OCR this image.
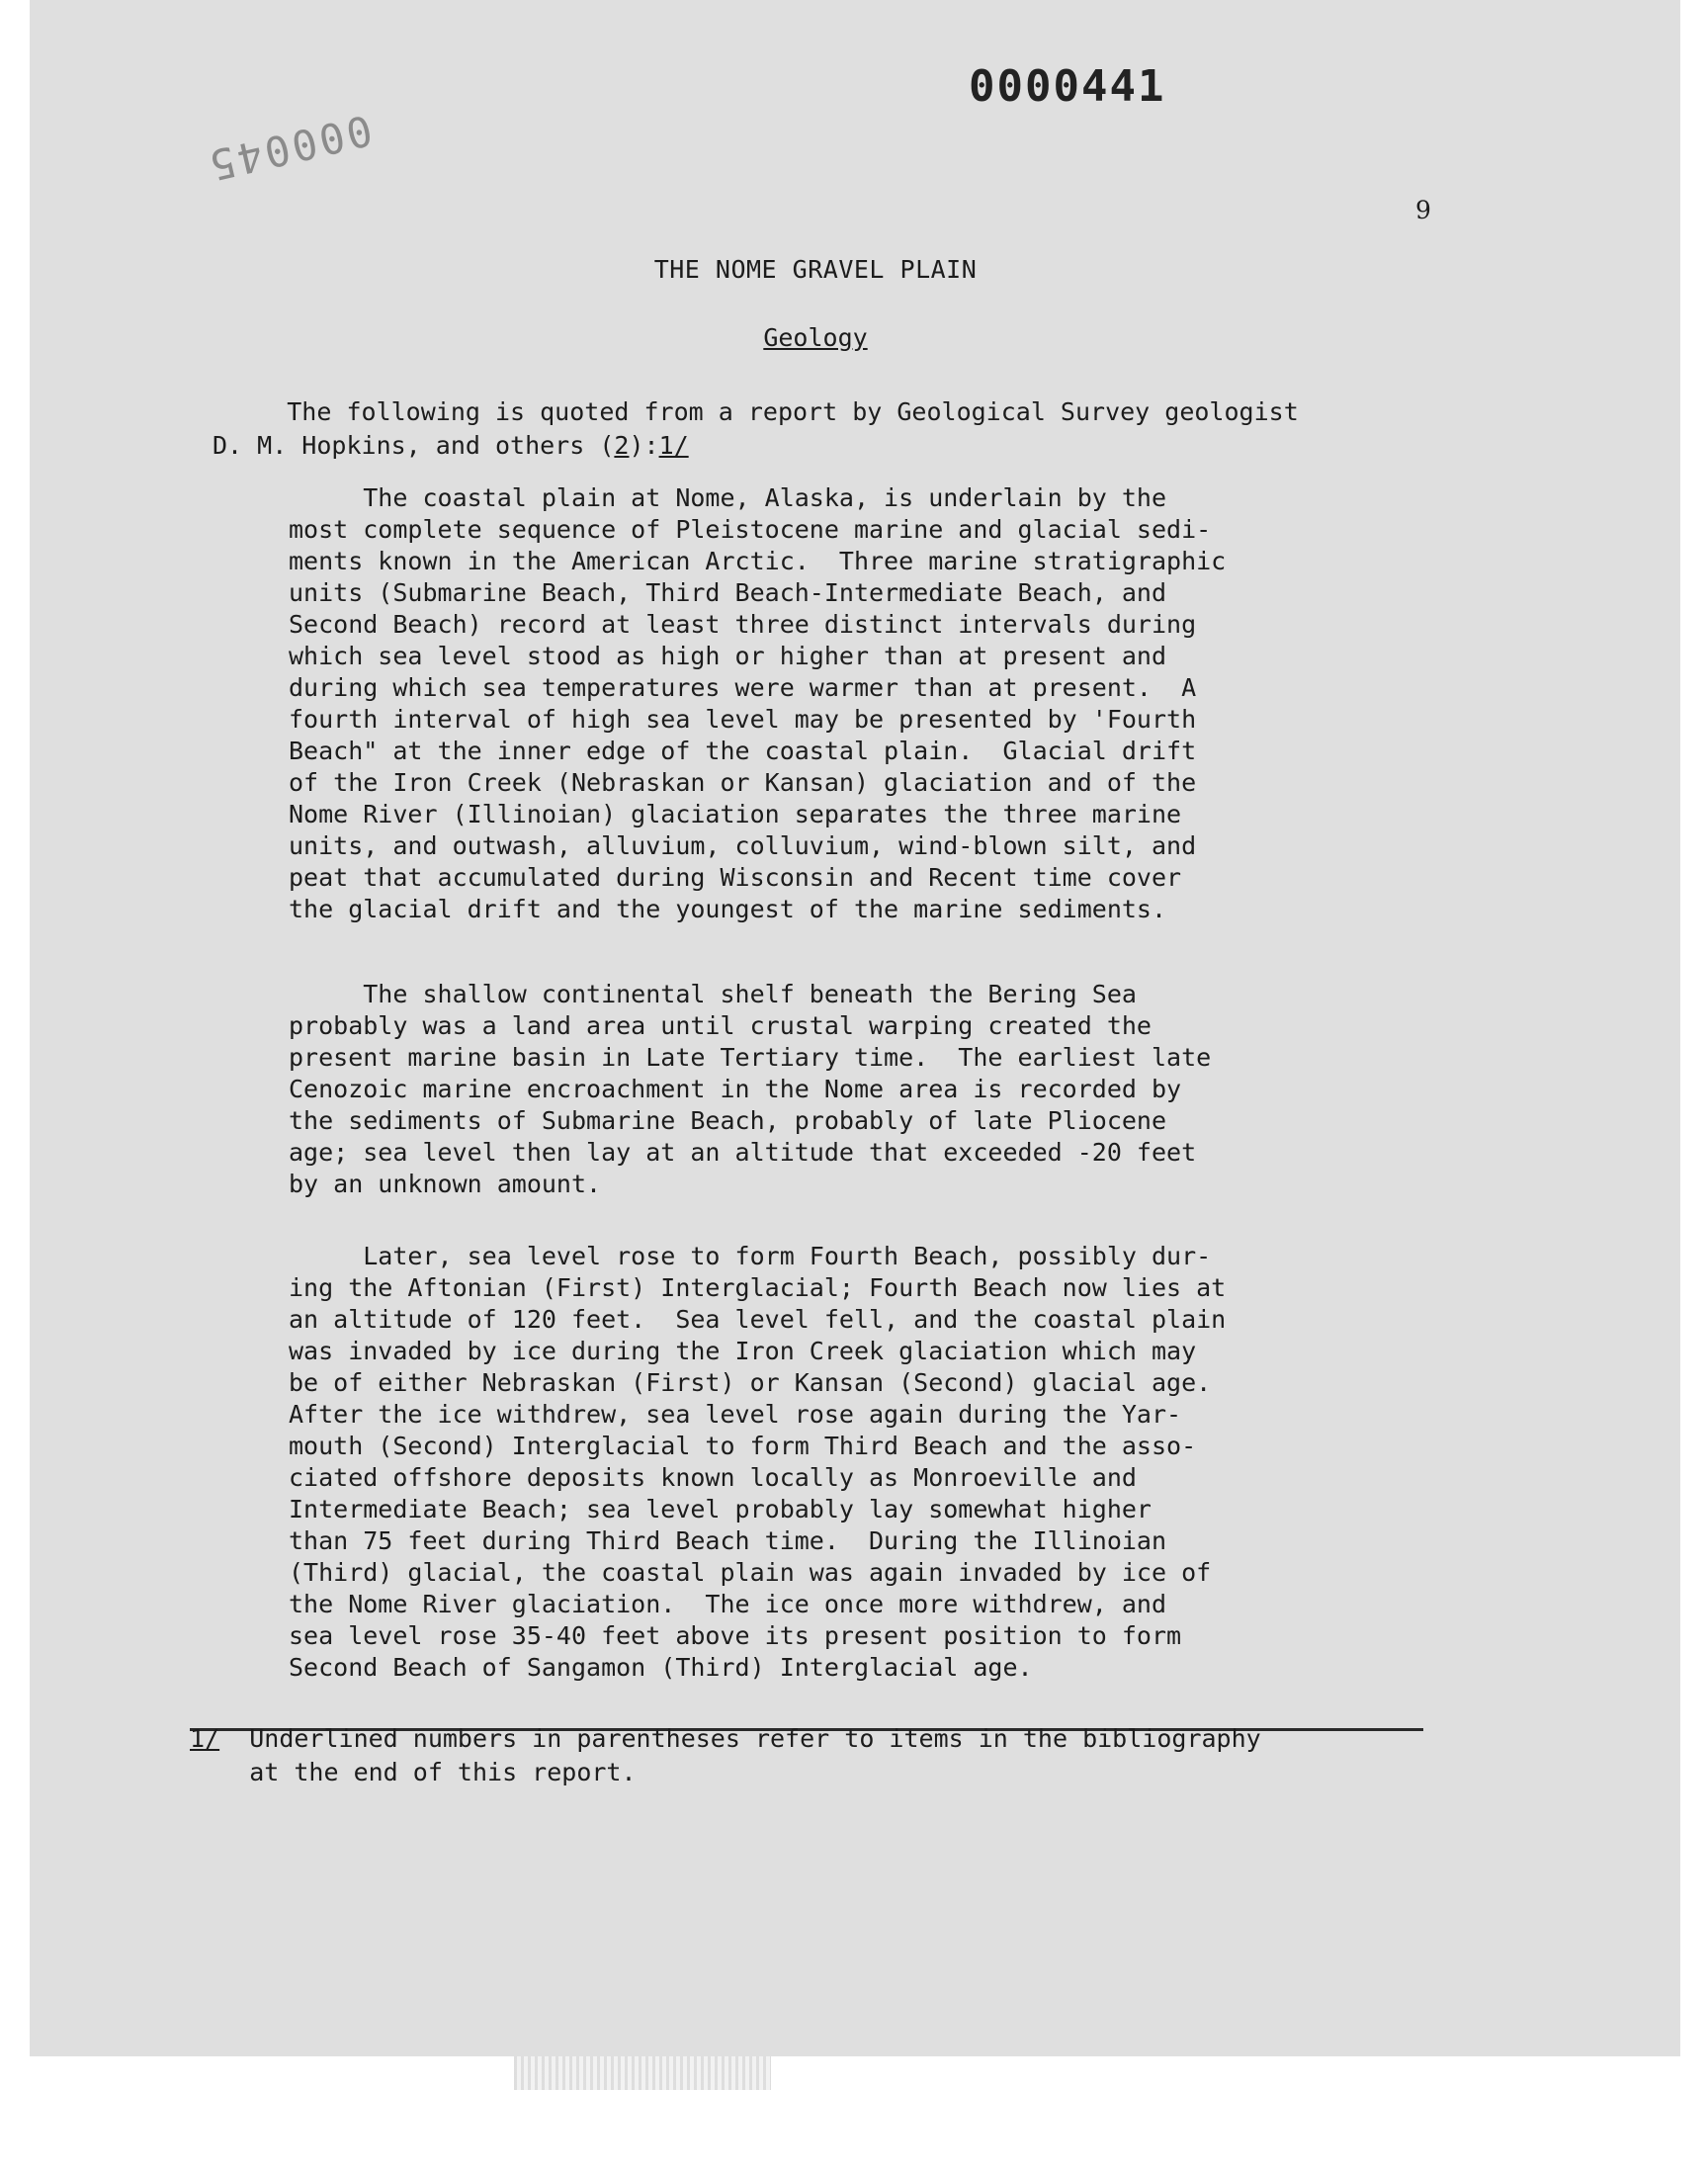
0000441
000045
9
THE NOME GRAVEL PLAIN
Geology
The following is quoted from a report by Geological Survey geologist
D. M. Hopkins, and others (2):1/
The coastal plain at Nome, Alaska, is underlain by the
most complete sequence of Pleistocene marine and glacial sedi-
ments known in the American Arctic.  Three marine stratigraphic
units (Submarine Beach, Third Beach-Intermediate Beach, and
Second Beach) record at least three distinct intervals during
which sea level stood as high or higher than at present and
during which sea temperatures were warmer than at present.  A
fourth interval of high sea level may be presented by 'Fourth
Beach" at the inner edge of the coastal plain.  Glacial drift
of the Iron Creek (Nebraskan or Kansan) glaciation and of the
Nome River (Illinoian) glaciation separates the three marine
units, and outwash, alluvium, colluvium, wind-blown silt, and
peat that accumulated during Wisconsin and Recent time cover
the glacial drift and the youngest of the marine sediments.
The shallow continental shelf beneath the Bering Sea
probably was a land area until crustal warping created the
present marine basin in Late Tertiary time.  The earliest late
Cenozoic marine encroachment in the Nome area is recorded by
the sediments of Submarine Beach, probably of late Pliocene
age; sea level then lay at an altitude that exceeded -20 feet
by an unknown amount.
Later, sea level rose to form Fourth Beach, possibly dur-
ing the Aftonian (First) Interglacial; Fourth Beach now lies at
an altitude of 120 feet.  Sea level fell, and the coastal plain
was invaded by ice during the Iron Creek glaciation which may
be of either Nebraskan (First) or Kansan (Second) glacial age.
After the ice withdrew, sea level rose again during the Yar-
mouth (Second) Interglacial to form Third Beach and the asso-
ciated offshore deposits known locally as Monroeville and
Intermediate Beach; sea level probably lay somewhat higher
than 75 feet during Third Beach time.  During the Illinoian
(Third) glacial, the coastal plain was again invaded by ice of
the Nome River glaciation.  The ice once more withdrew, and
sea level rose 35-40 feet above its present position to form
Second Beach of Sangamon (Third) Interglacial age.
1/  Underlined numbers in parentheses refer to items in the bibliography
at the end of this report.
